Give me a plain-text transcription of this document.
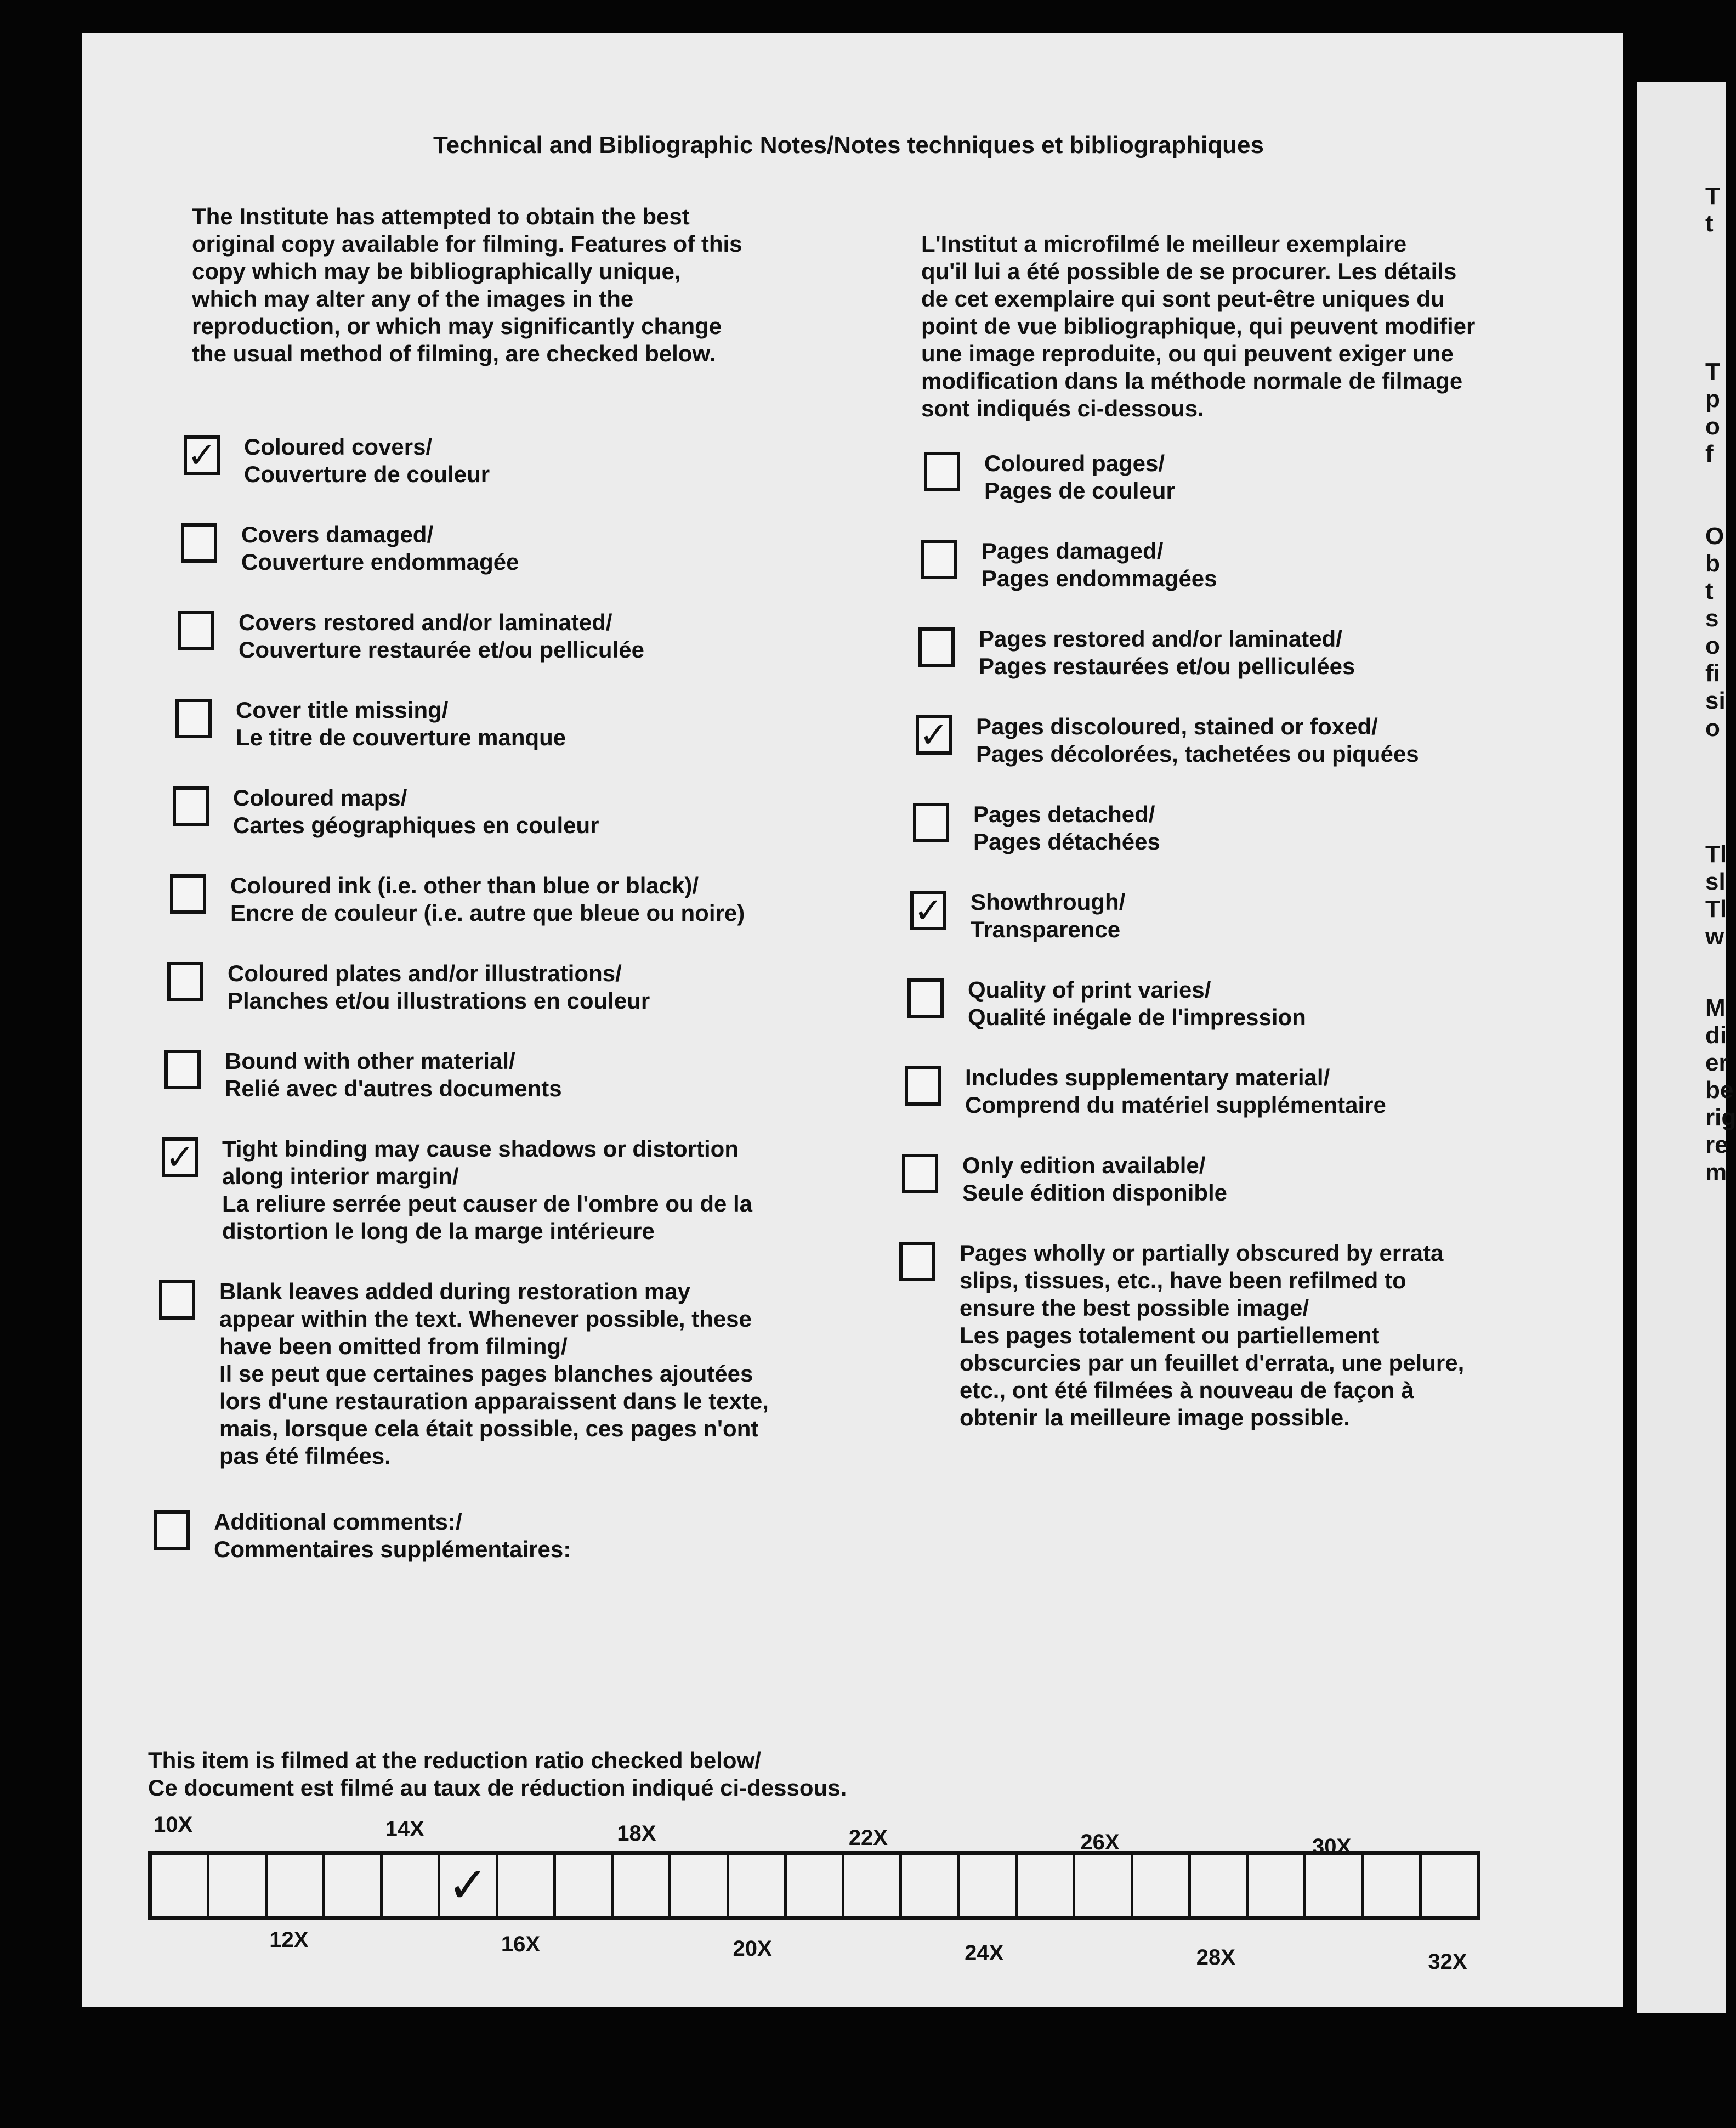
Technical and Bibliographic Notes/Notes techniques et bibliographiques
The Institute has attempted to obtain the best
original copy available for filming. Features of this
copy which may be bibliographically unique,
which may alter any of the images in the
reproduction, or which may significantly change
the usual method of filming, are checked below.
L'Institut a microfilmé le meilleur exemplaire
qu'il lui a été possible de se procurer. Les détails
de cet exemplaire qui sont peut-être uniques du
point de vue bibliographique, qui peuvent modifier
une image reproduite, ou qui peuvent exiger une
modification dans la méthode normale de filmage
sont indiqués ci-dessous.
✓ Coloured covers/
Couverture de couleur
Covers damaged/
Couverture endommagée
Covers restored and/or laminated/
Couverture restaurée et/ou pelliculée
Cover title missing/
Le titre de couverture manque
Coloured maps/
Cartes géographiques en couleur
Coloured ink (i.e. other than blue or black)/
Encre de couleur (i.e. autre que bleue ou noire)
Coloured plates and/or illustrations/
Planches et/ou illustrations en couleur
Bound with other material/
Relié avec d'autres documents
✓ Tight binding may cause shadows or distortion
along interior margin/
La reliure serrée peut causer de l'ombre ou de la
distortion le long de la marge intérieure
Blank leaves added during restoration may
appear within the text. Whenever possible, these
have been omitted from filming/
Il se peut que certaines pages blanches ajoutées
lors d'une restauration apparaissent dans le texte,
mais, lorsque cela était possible, ces pages n'ont
pas été filmées.
Additional comments:/
Commentaires supplémentaires:
Coloured pages/
Pages de couleur
Pages damaged/
Pages endommagées
Pages restored and/or laminated/
Pages restaurées et/ou pelliculées
✓ Pages discoloured, stained or foxed/
Pages décolorées, tachetées ou piquées
Pages detached/
Pages détachées
✓ Showthrough/
Transparence
Quality of print varies/
Qualité inégale de l'impression
Includes supplementary material/
Comprend du matériel supplémentaire
Only edition available/
Seule édition disponible
Pages wholly or partially obscured by errata
slips, tissues, etc., have been refilmed to
ensure the best possible image/
Les pages totalement ou partiellement
obscurcies par un feuillet d'errata, une pelure,
etc., ont été filmées à nouveau de façon à
obtenir la meilleure image possible.
This item is filmed at the reduction ratio checked below/
Ce document est filmé au taux de réduction indiqué ci-dessous.
✓
10X	14X	18X	22X	26X	30X
12X	16X	20X	24X	28X	32X
T
t
T
p
o
f
O
b
t
s
o
fi
si
o
Tl
sl
Tl
w
M
di
er
be
rig
re
m
